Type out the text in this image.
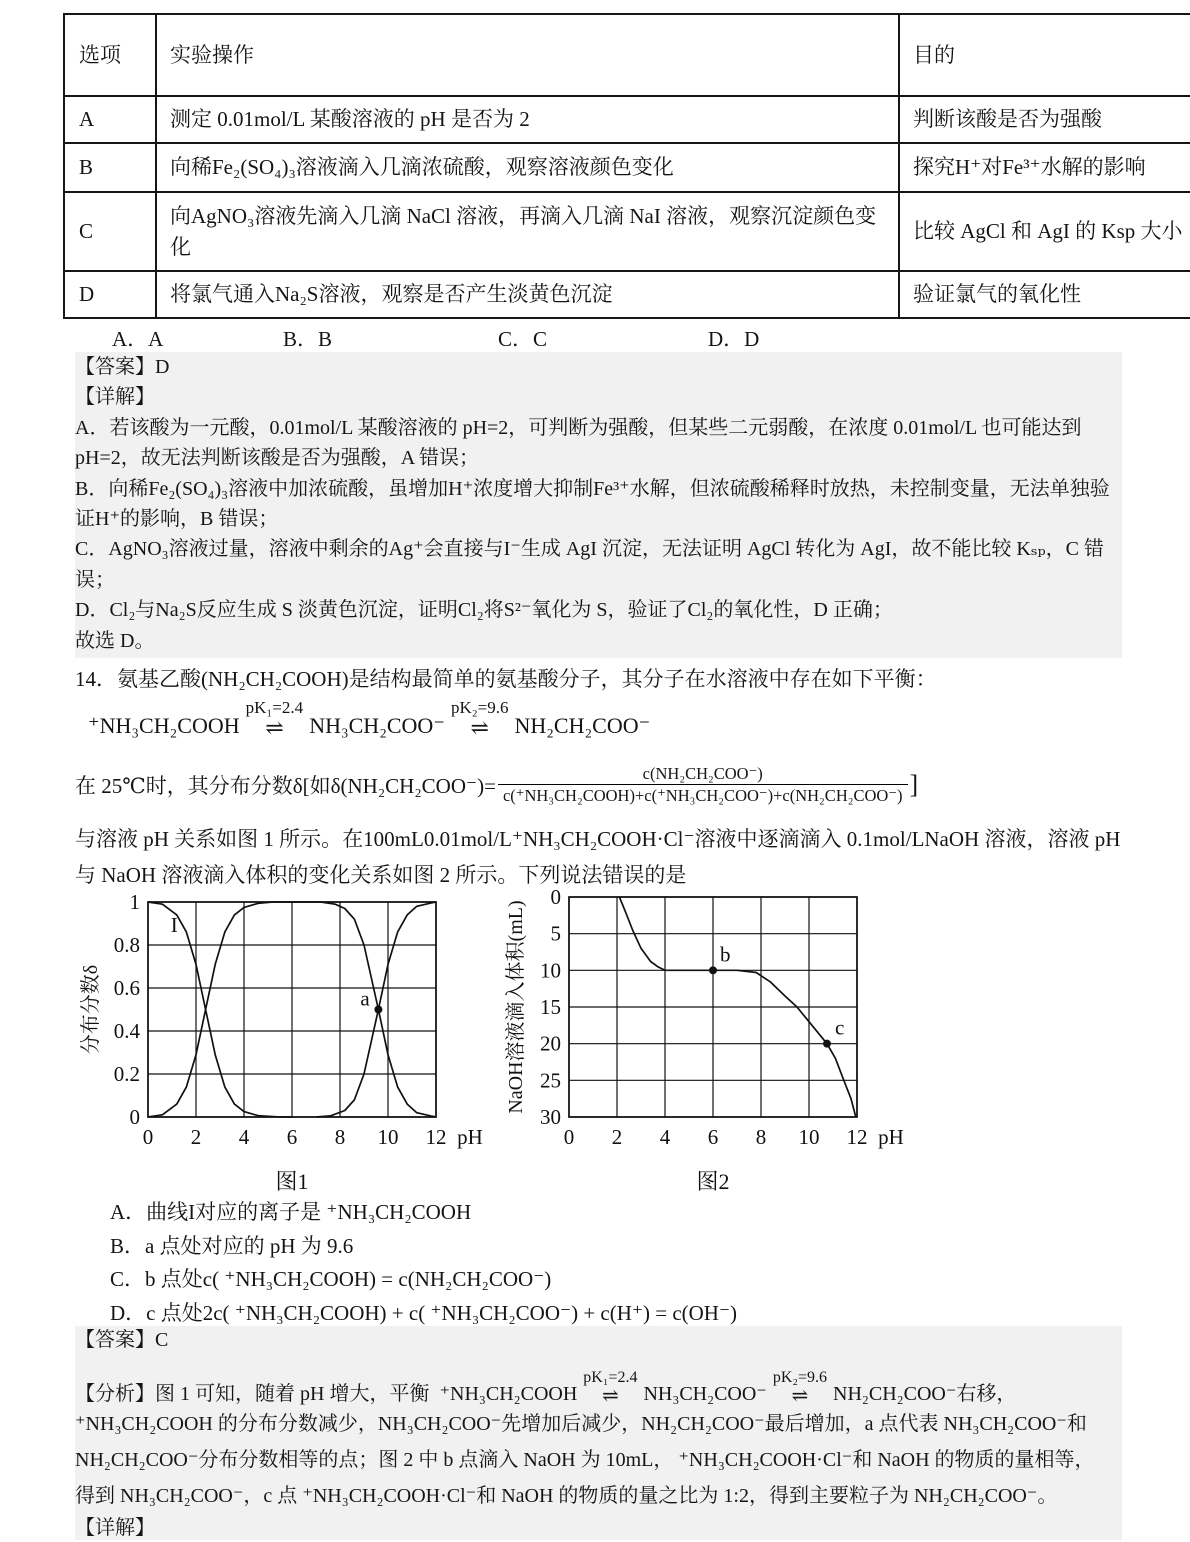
选项	实验操作	目的
A	测定 0.01mol/L 某酸溶液的 pH 是否为 2	判断该酸是否为强酸
B	向稀Fe₂(SO₄)₃溶液滴入几滴浓硫酸，观察溶液颜色变化	探究H⁺对Fe³⁺水解的影响
C	向AgNO₃溶液先滴入几滴 NaCl 溶液，再滴入几滴 NaI 溶液，观察沉淀颜色变化	比较 AgCl 和 AgI 的 Ksp 大小
D	将氯气通入Na₂S溶液，观察是否产生淡黄色沉淀	验证氯气的氧化性
A．A	B．B	C．C	D．D

【答案】D

【详解】

A．若该酸为一元酸，0.01mol/L 某酸溶液的 pH=2，可判断为强酸，但某些二元弱酸，在浓度 0.01mol/L 也可能达到 pH=2，故无法判断该酸是否为强酸，A 错误；

B．向稀Fe₂(SO₄)₃溶液中加浓硫酸，虽增加H⁺浓度增大抑制Fe³⁺水解，但浓硫酸稀释时放热，未控制变量，无法单独验证H⁺的影响，B 错误；

C．AgNO₃溶液过量，溶液中剩余的Ag⁺会直接与I⁻生成 AgI 沉淀，无法证明 AgCl 转化为 AgI，故不能比较 Kₛₚ，C 错误；

D．Cl₂与Na₂S反应生成 S 淡黄色沉淀，证明Cl₂将S²⁻氧化为 S，验证了Cl₂的氧化性，D 正确；

故选 D。

14．氨基乙酸(NH₂CH₂COOH)是结构最简单的氨基酸分子，其分子在水溶液中存在如下平衡：

⁺NH₃CH₂COOH
pK₁=2.4
⇌ NH₃CH₂COO⁻
pK₂=9.6
⇌ NH₂CH₂COO⁻
在 25℃时，其分布分数δ[如$\delta(NH_2CH_2COO^-)= \frac{\text{c(NH₂CH₂COO⁻)}}{\text{c(⁺NH₃CH₂COOH)+c(⁺NH₃CH₂COO⁻)+c(NH₂CH₂COO⁻)}}$ ]

与溶液 pH 关系如图 1 所示。在100mL0.01mol/L⁺NH₃CH₂COOH·Cl⁻溶液中逐滴滴入 0.1mol/LNaOH 溶液，溶液 pH

与 NaOH 溶液滴入体积的变化关系如图 2 所示。下列说法错误的是

0 2 4 6 8 10 12
0
0.2
0.4
0.6
0.8
1
I
a
pH
分布分数δ
图1
0 2 4 6 8 10 12
0
5
10
15
20
25
30
b
c
pH
NaOH溶液滴入体积(mL)
图2

A．曲线I对应的离子是 ⁺NH₃CH₂COOH

B．a 点处对应的 pH 为 9.6

C．b 点处c( ⁺NH₃CH₂COOH) = c(NH₂CH₂COO⁻)

D．c 点处2c( ⁺NH₃CH₂COOH) + c( ⁺NH₃CH₂COO⁻) + c(H⁺) = c(OH⁻)

【答案】C

【分析】图 1 可知，随着 pH 增大，平衡 ⁺NH₃CH₂COOH
pK₁=2.4
⇌ NH₃CH₂COO⁻
pK₂=9.6
⇌ NH₂CH₂COO⁻ 右移，

⁺NH₃CH₂COOH 的分布分数减少，NH₃CH₂COO⁻先增加后减少，NH₂CH₂COO⁻最后增加，a 点代表 NH₃CH₂COO⁻和

NH₂CH₂COO⁻分布分数相等的点；图 2 中 b 点滴入 NaOH 为 10mL， ⁺NH₃CH₂COOH·Cl⁻和 NaOH 的物质的量相等，

得到 NH₃CH₂COO⁻，c 点 ⁺NH₃CH₂COOH·Cl⁻和 NaOH 的物质的量之比为 1:2，得到主要粒子为 NH₂CH₂COO⁻。

【详解】
